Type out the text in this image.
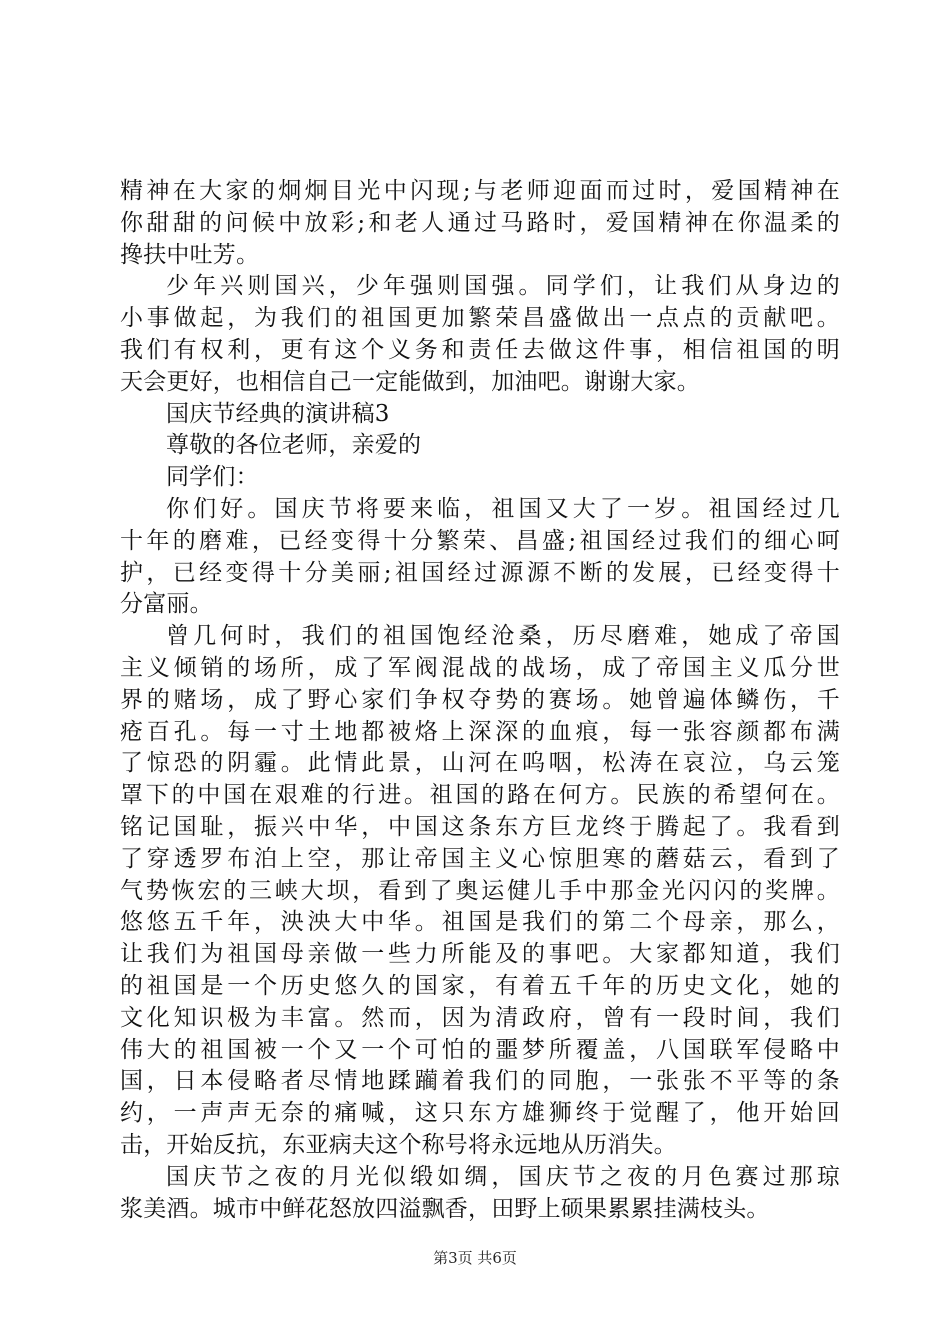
精神在大家的炯炯目光中闪现;与老师迎面而过时，爱国精神在
你甜甜的问候中放彩;和老人通过马路时，爱国精神在你温柔的
搀扶中吐芳。
少年兴则国兴，少年强则国强。同学们，让我们从身边的
小事做起，为我们的祖国更加繁荣昌盛做出一点点的贡献吧。
我们有权利，更有这个义务和责任去做这件事，相信祖国的明
天会更好，也相信自己一定能做到，加油吧。谢谢大家。
国庆节经典的演讲稿3
尊敬的各位老师，亲爱的
同学们：
你们好。国庆节将要来临，祖国又大了一岁。祖国经过几
十年的磨难，已经变得十分繁荣、昌盛;祖国经过我们的细心呵
护，已经变得十分美丽;祖国经过源源不断的发展，已经变得十
分富丽。
曾几何时，我们的祖国饱经沧桑，历尽磨难，她成了帝国
主义倾销的场所，成了军阀混战的战场，成了帝国主义瓜分世
界的赌场，成了野心家们争权夺势的赛场。她曾遍体鳞伤，千
疮百孔。每一寸土地都被烙上深深的血痕，每一张容颜都布满
了惊恐的阴霾。此情此景，山河在呜咽，松涛在哀泣，乌云笼
罩下的中国在艰难的行进。祖国的路在何方。民族的希望何在。
铭记国耻，振兴中华，中国这条东方巨龙终于腾起了。我看到
了穿透罗布泊上空，那让帝国主义心惊胆寒的蘑菇云，看到了
气势恢宏的三峡大坝，看到了奥运健儿手中那金光闪闪的奖牌。
悠悠五千年，泱泱大中华。祖国是我们的第二个母亲，那么，
让我们为祖国母亲做一些力所能及的事吧。大家都知道，我们
的祖国是一个历史悠久的国家，有着五千年的历史文化，她的
文化知识极为丰富。然而，因为清政府，曾有一段时间，我们
伟大的祖国被一个又一个可怕的噩梦所覆盖，八国联军侵略中
国，日本侵略者尽情地蹂躏着我们的同胞，一张张不平等的条
约，一声声无奈的痛喊，这只东方雄狮终于觉醒了，他开始回
击，开始反抗，东亚病夫这个称号将永远地从历消失。
国庆节之夜的月光似缎如绸，国庆节之夜的月色赛过那琼
浆美酒。城市中鲜花怒放四溢飘香，田野上硕果累累挂满枝头。
第3页 共6页
